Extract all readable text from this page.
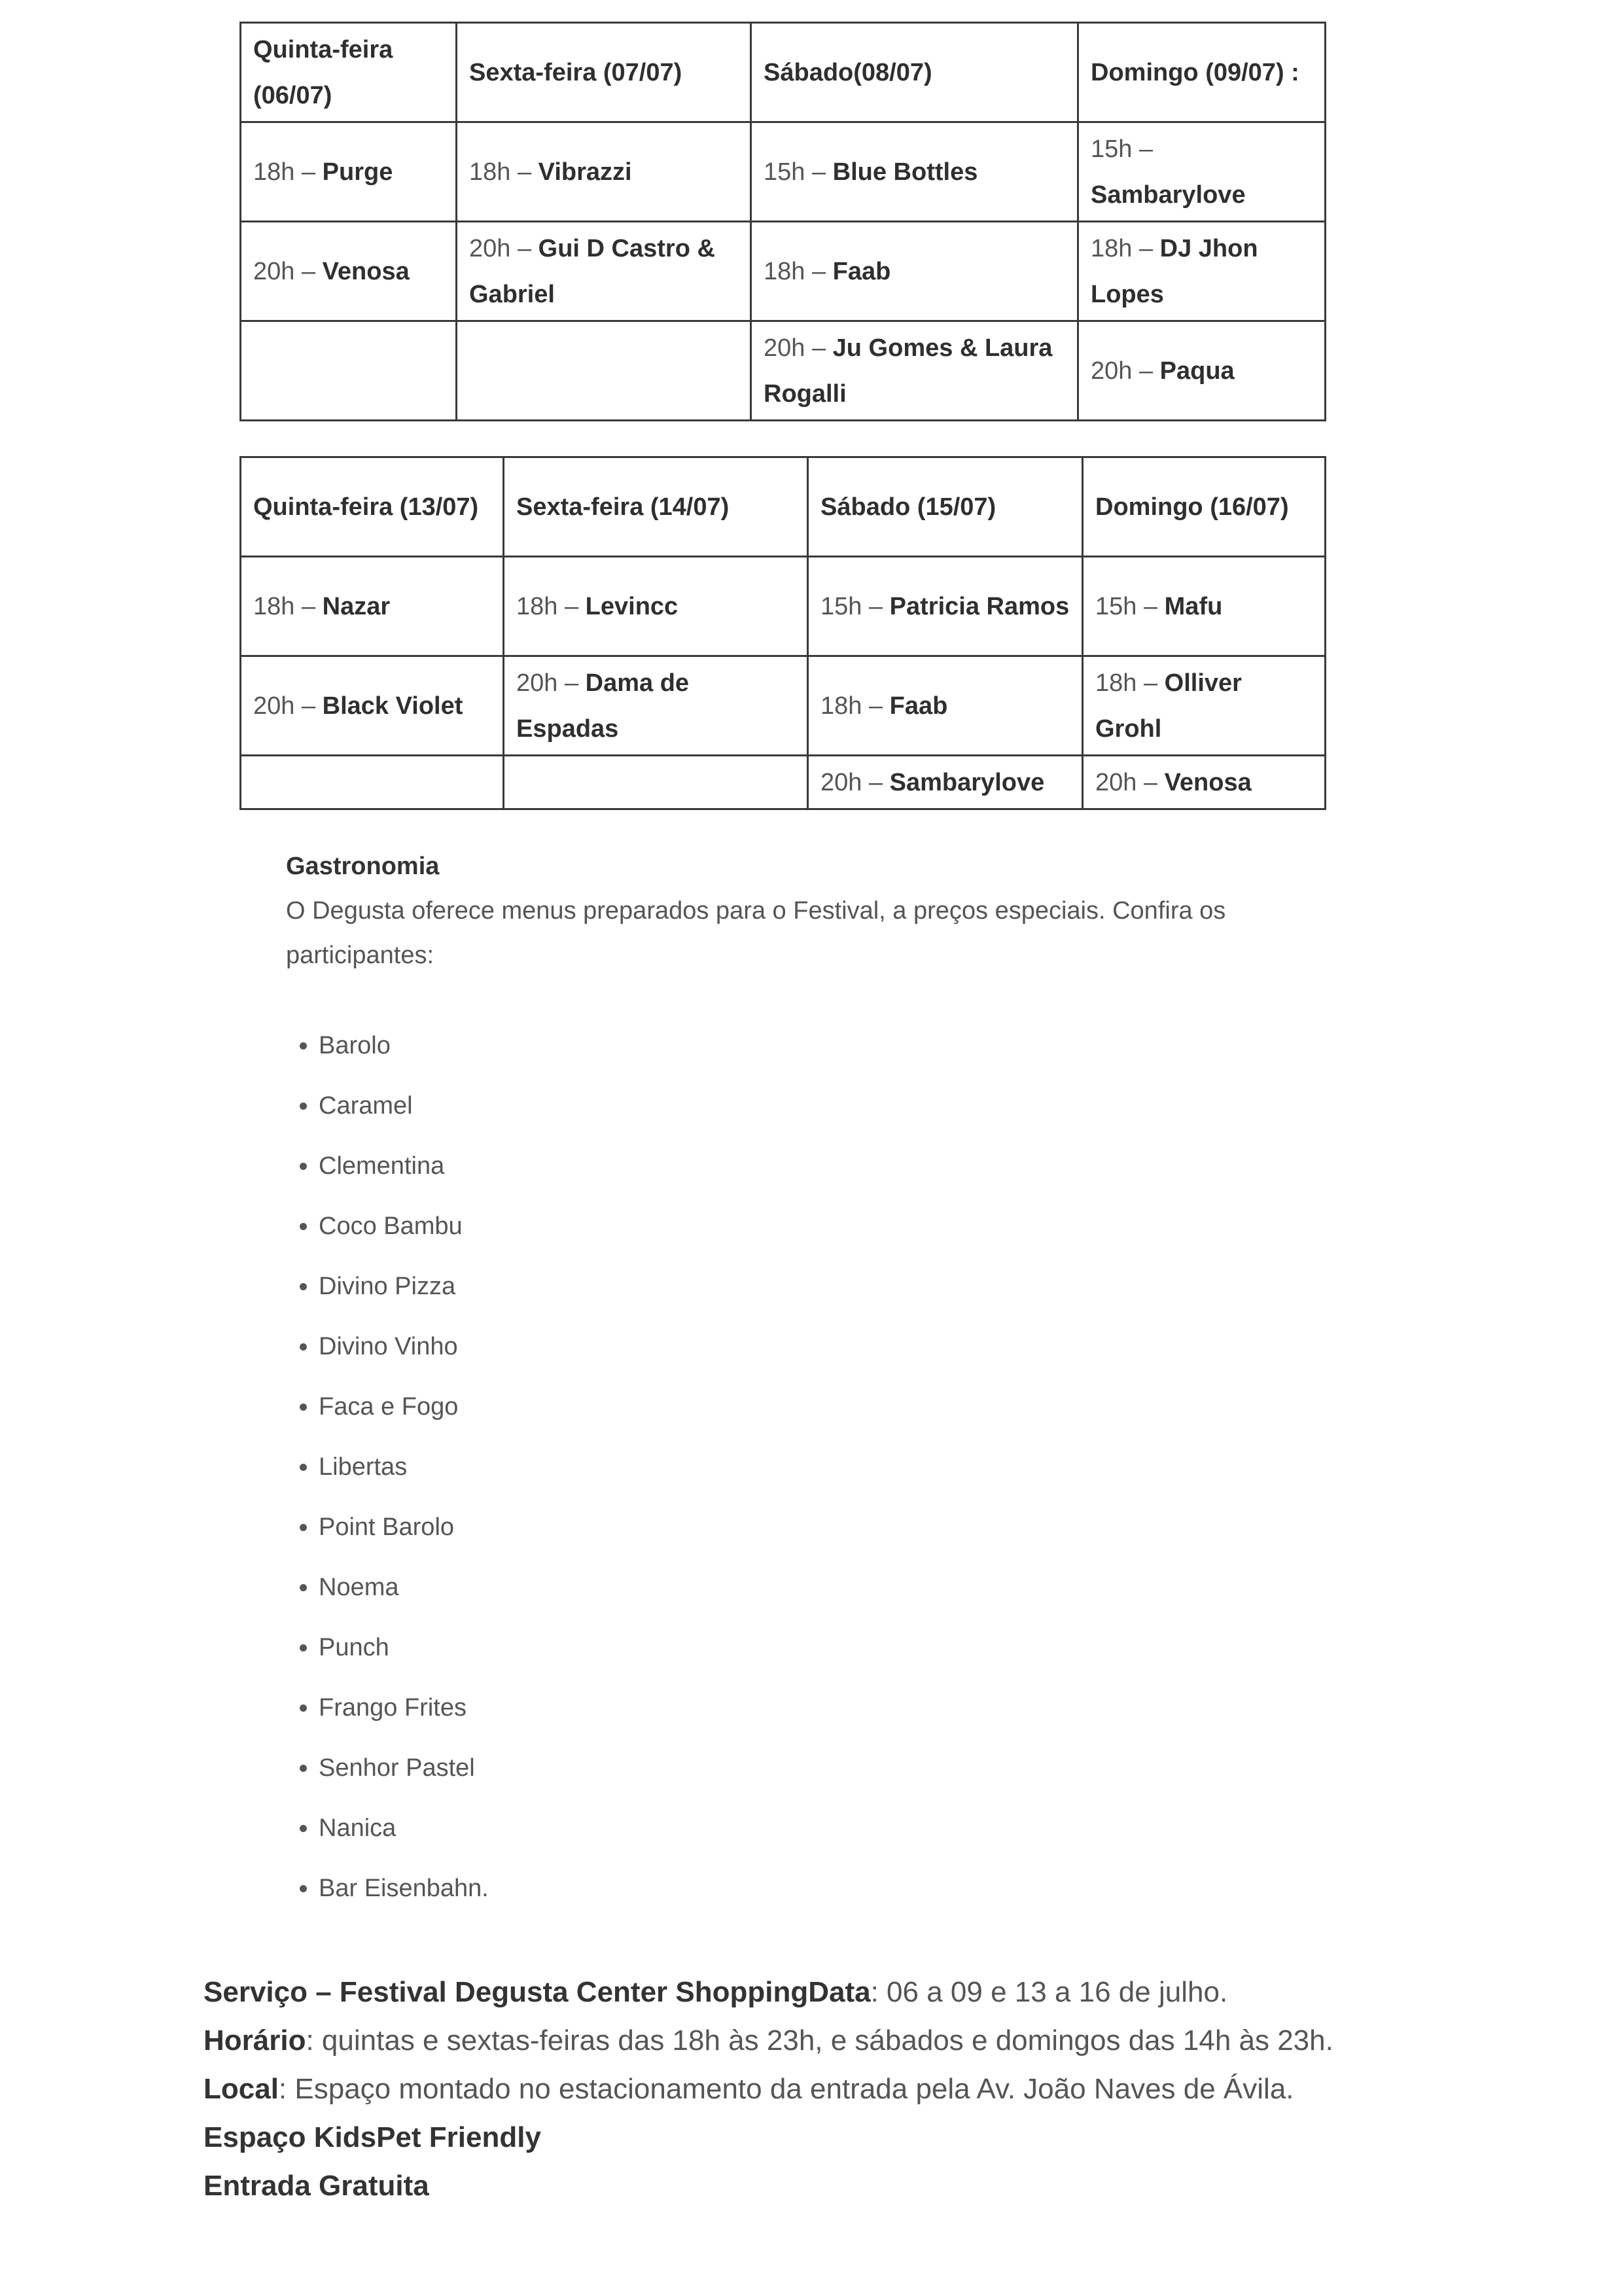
Quinta-feira (06/07)	Sexta-feira (07/07)	Sábado(08/07)	Domingo (09/07) :
18h – Purge	18h – Vibrazzi	15h – Blue Bottles	15h – Sambarylove
20h – Venosa	20h – Gui D Castro & Gabriel	18h – Faab	18h – DJ Jhon Lopes
		20h – Ju Gomes & Laura Rogalli	20h – Paqua
Quinta-feira (13/07)	Sexta-feira (14/07)	Sábado (15/07)	Domingo (16/07)
18h – Nazar	18h – Levincc	15h – Patricia Ramos	15h – Mafu
20h – Black Violet	20h – Dama de Espadas	18h – Faab	18h – Olliver Grohl
		20h – Sambarylove	20h – Venosa
Gastronomia
O Degusta oferece menus preparados para o Festival, a preços especiais. Confira os participantes:
• Barolo
• Caramel
• Clementina
• Coco Bambu
• Divino Pizza
• Divino Vinho
• Faca e Fogo
• Libertas
• Point Barolo
• Noema
• Punch
• Frango Frites
• Senhor Pastel
• Nanica
• Bar Eisenbahn.
Serviço – Festival Degusta Center ShoppingData: 06 a 09 e 13 a 16 de julho.
Horário: quintas e sextas-feiras das 18h às 23h, e sábados e domingos das 14h às 23h.
Local: Espaço montado no estacionamento da entrada pela Av. João Naves de Ávila.
Espaço KidsPet Friendly
Entrada Gratuita
